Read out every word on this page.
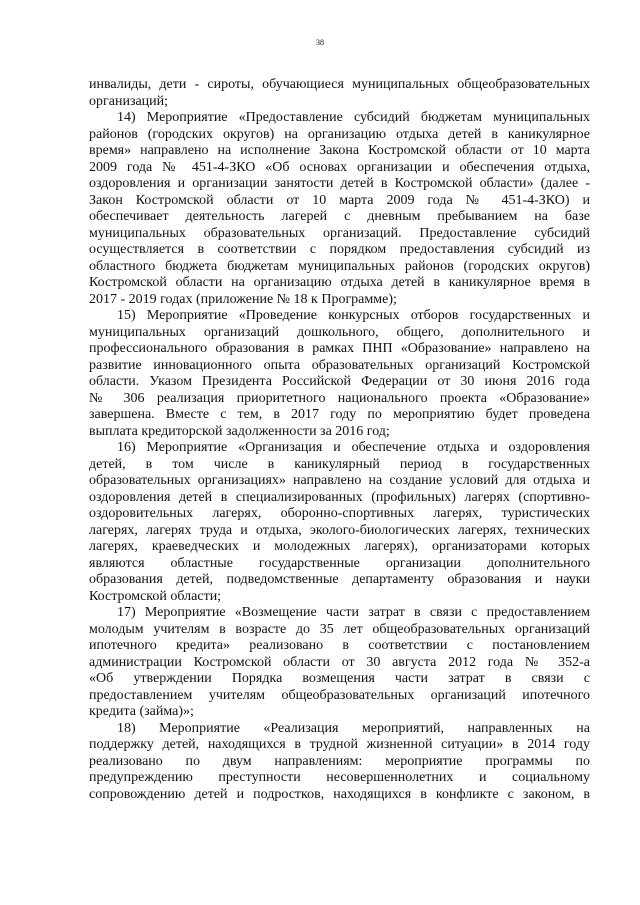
38
инвалиды, дети - сироты, обучающиеся муниципальных общеобразовательных
организаций;
14) Мероприятие «Предоставление субсидий бюджетам муниципальных
районов (городских округов) на организацию отдыха детей в каникулярное
время» направлено на исполнение Закона Костромской области от 10 марта
2009 года № 451-4-ЗКО «Об основах организации и обеспечения отдыха,
оздоровления и организации занятости детей в Костромской области» (далее -
Закон Костромской области от 10 марта 2009 года № 451-4-ЗКО) и
обеспечивает деятельность лагерей с дневным пребыванием на базе
муниципальных образовательных организаций. Предоставление субсидий
осуществляется в соответствии с порядком предоставления субсидий из
областного бюджета бюджетам муниципальных районов (городских округов)
Костромской области на организацию отдыха детей в каникулярное время в
2017 - 2019 годах (приложение № 18 к Программе);
15) Мероприятие «Проведение конкурсных отборов государственных и
муниципальных организаций дошкольного, общего, дополнительного и
профессионального образования в рамках ПНП «Образование» направлено на
развитие инновационного опыта образовательных организаций Костромской
области. Указом Президента Российской Федерации от 30 июня 2016 года
№ 306 реализация приоритетного национального проекта «Образование»
завершена. Вместе с тем, в 2017 году по мероприятию будет проведена
выплата кредиторской задолженности за 2016 год;
16) Мероприятие «Организация и обеспечение отдыха и оздоровления
детей, в том числе в каникулярный период в государственных
образовательных организациях» направлено на создание условий для отдыха и
оздоровления детей в специализированных (профильных) лагерях (спортивно-
оздоровительных лагерях, оборонно-спортивных лагерях, туристических
лагерях, лагерях труда и отдыха, эколого-биологических лагерях, технических
лагерях, краеведческих и молодежных лагерях), организаторами которых
являются областные государственные организации дополнительного
образования детей, подведомственные департаменту образования и науки
Костромской области;
17) Мероприятие «Возмещение части затрат в связи с предоставлением
молодым учителям в возрасте до 35 лет общеобразовательных организаций
ипотечного кредита» реализовано в соответствии с постановлением
администрации Костромской области от 30 августа 2012 года № 352-а
«Об утверждении Порядка возмещения части затрат в связи с
предоставлением учителям общеобразовательных организаций ипотечного
кредита (займа)»;
18) Мероприятие «Реализация мероприятий, направленных на
поддержку детей, находящихся в трудной жизненной ситуации» в 2014 году
реализовано по двум направлениям: мероприятие программы по
предупреждению преступности несовершеннолетних и социальному
сопровождению детей и подростков, находящихся в конфликте с законом, в
